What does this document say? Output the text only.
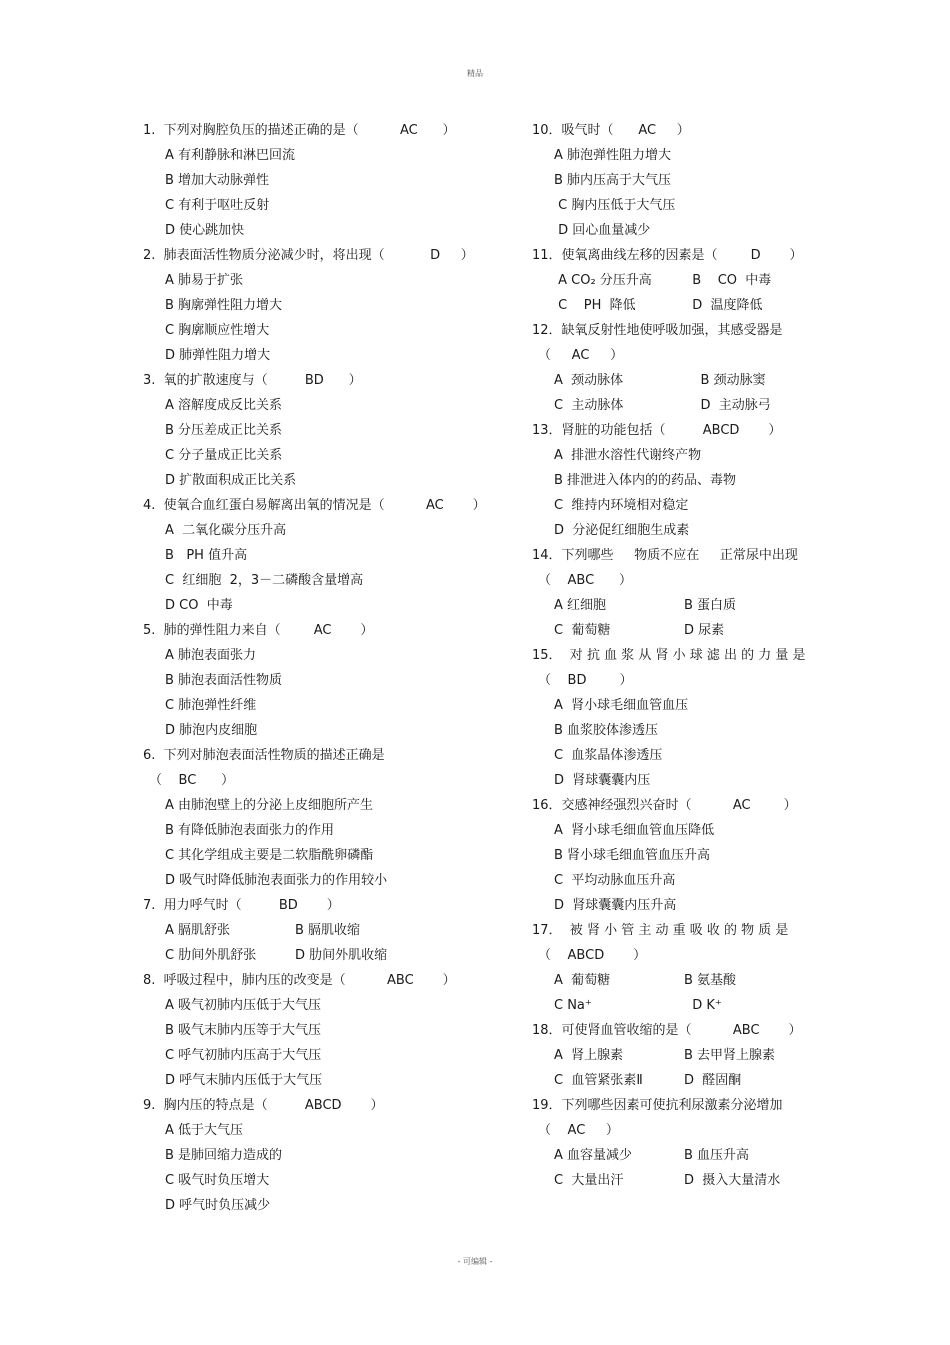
精品
1.  下列对胸腔负压的描述正确的是（          AC      ）
A 有利静脉和淋巴回流
B 增加大动脉弹性
C 有利于呕吐反射
D 使心跳加快
2.  肺表面活性物质分泌减少时，将出现（           D     ）
A 肺易于扩张
B 胸廓弹性阻力增大
C 胸廓顺应性增大
D 肺弹性阻力增大
3.  氧的扩散速度与（         BD      ）
A 溶解度成反比关系
B 分压差成正比关系
C 分子量成正比关系
D 扩散面积成正比关系
4.  使氧合血红蛋白易解离出氧的情况是（          AC       ）
A  二氧化碳分压升高
B   PH 值升高
C  红细胞  2，3－二磷酸含量增高
D CO  中毒
5.  肺的弹性阻力来自（        AC       ）
A 肺泡表面张力
B 肺泡表面活性物质
C 肺泡弹性纤维
D 肺泡内皮细胞
6.  下列对肺泡表面活性物质的描述正确是
（    BC      ）
A 由肺泡壁上的分泌上皮细胞所产生
B 有降低肺泡表面张力的作用
C 其化学组成主要是二软脂酰卵磷酯
D 吸气时降低肺泡表面张力的作用较小
7.  用力呼气时（         BD       ）
A 膈肌舒张	B 膈肌收缩
C 肋间外肌舒张	D 肋间外肌收缩
8.  呼吸过程中，肺内压的改变是（          ABC       ）
A 吸气初肺内压低于大气压
B 吸气末肺内压等于大气压
C 呼气初肺内压高于大气压
D 呼气末肺内压低于大气压
9.  胸内压的特点是（         ABCD       ）
A 低于大气压
B 是肺回缩力造成的
C 吸气时负压增大
D 呼气时负压减少
10．吸气时（      AC     ）
A 肺泡弹性阻力增大
B 肺内压高于大气压
C 胸内压低于大气压
D 回心血量减少
11．使氧离曲线左移的因素是（        D       ）
A CO₂ 分压升高	B    CO  中毒
C    PH  降低	D  温度降低
12．缺氧反射性地使呼吸加强，其感受器是
（     AC     ）
A  颈动脉体	B 颈动脉窦
C  主动脉体	D  主动脉弓
13．肾脏的功能包括（         ABCD       ）
A  排泄水溶性代谢终产物
B 排泄进入体内的的药品、毒物
C  维持内环境相对稳定
D  分泌促红细胞生成素
14．下列哪些     物质不应在     正常尿中出现
（    ABC      ）
A 红细胞	B 蛋白质
C  葡萄糖	D 尿素
15．  对 抗 血 浆 从 肾 小 球 滤 出 的 力 量 是
（    BD        ）
A  肾小球毛细血管血压
B 血浆胶体渗透压
C  血浆晶体渗透压
D  肾球囊囊内压
16．交感神经强烈兴奋时（          AC        ）
A  肾小球毛细血管血压降低
B 肾小球毛细血管血压升高
C  平均动脉血压升高
D  肾球囊囊内压升高
17．  被 肾 小 管 主 动 重 吸 收 的 物 质 是
（    ABCD       ）
A  葡萄糖	B 氨基酸
C Na⁺	D K⁺
18．可使肾血管收缩的是（          ABC       ）
A  肾上腺素	B 去甲肾上腺素
C  血管紧张素Ⅱ	D  醛固酮
19．下列哪些因素可使抗利尿激素分泌增加
（    AC     ）
A 血容量减少	B 血压升高
C  大量出汗	D  摄入大量清水
- 可编辑 -
